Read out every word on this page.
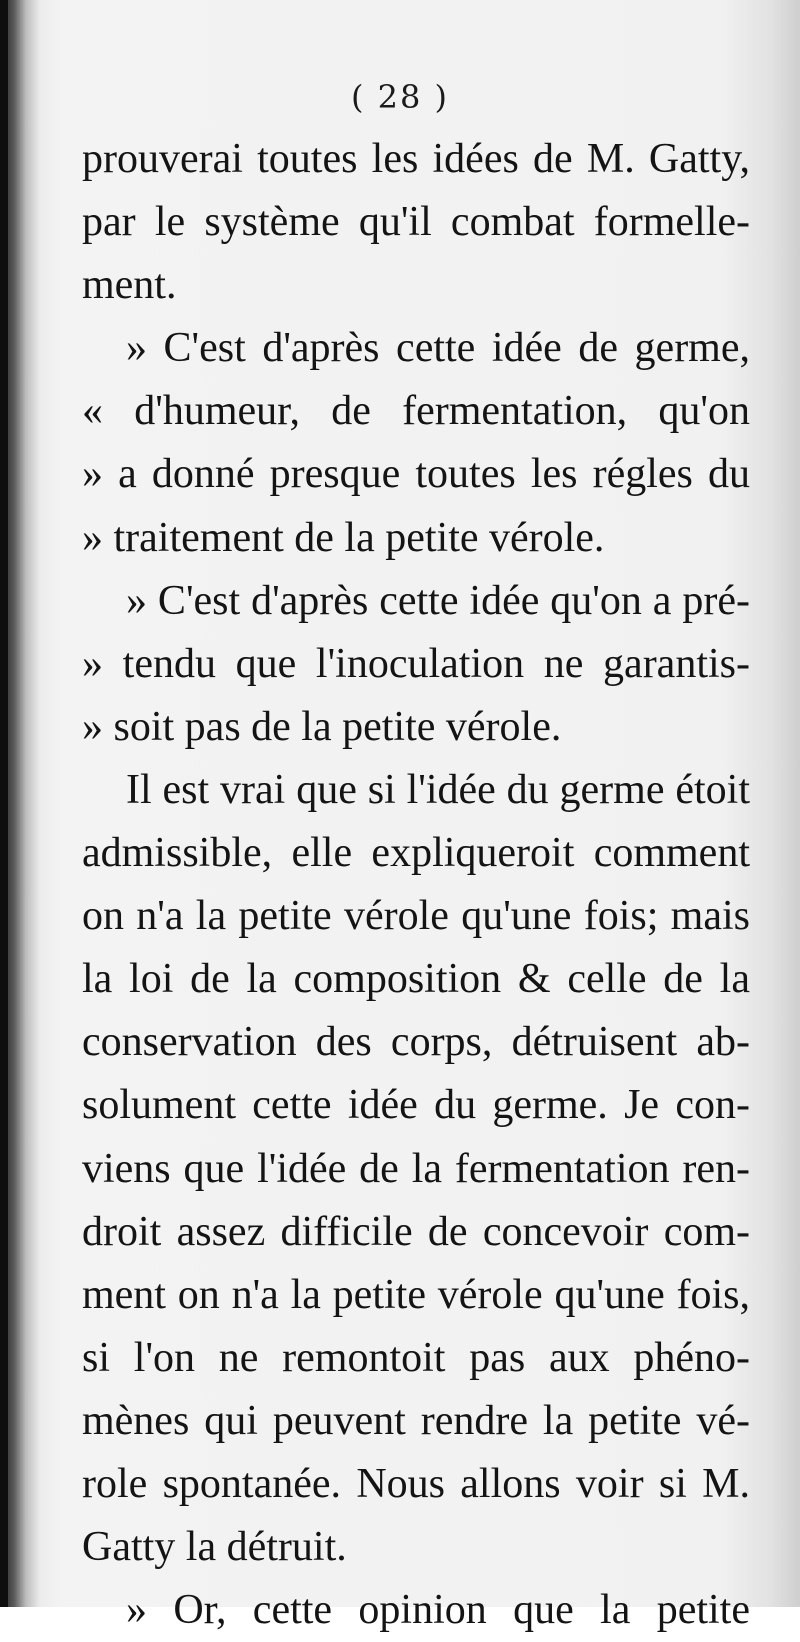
( 28 )
prouverai toutes les idées de M. Gatty,
par le système qu'il combat formelle-
ment.
» C'est d'après cette idée de germe,
« d'humeur, de fermentation, qu'on
» a donné presque toutes les régles du
» traitement de la petite vérole.
» C'est d'après cette idée qu'on a pré-
» tendu que l'inoculation ne garantis-
» soit pas de la petite vérole.
Il est vrai que si l'idée du germe étoit
admissible, elle expliqueroit comment
on n'a la petite vérole qu'une fois; mais
la loi de la composition & celle de la
conservation des corps, détruisent ab-
solument cette idée du germe. Je con-
viens que l'idée de la fermentation ren-
droit assez difficile de concevoir com-
ment on n'a la petite vérole qu'une fois,
si l'on ne remontoit pas aux phéno-
mènes qui peuvent rendre la petite vé-
role spontanée. Nous allons voir si M.
Gatty la détruit.
» Or, cette opinion que la petite
